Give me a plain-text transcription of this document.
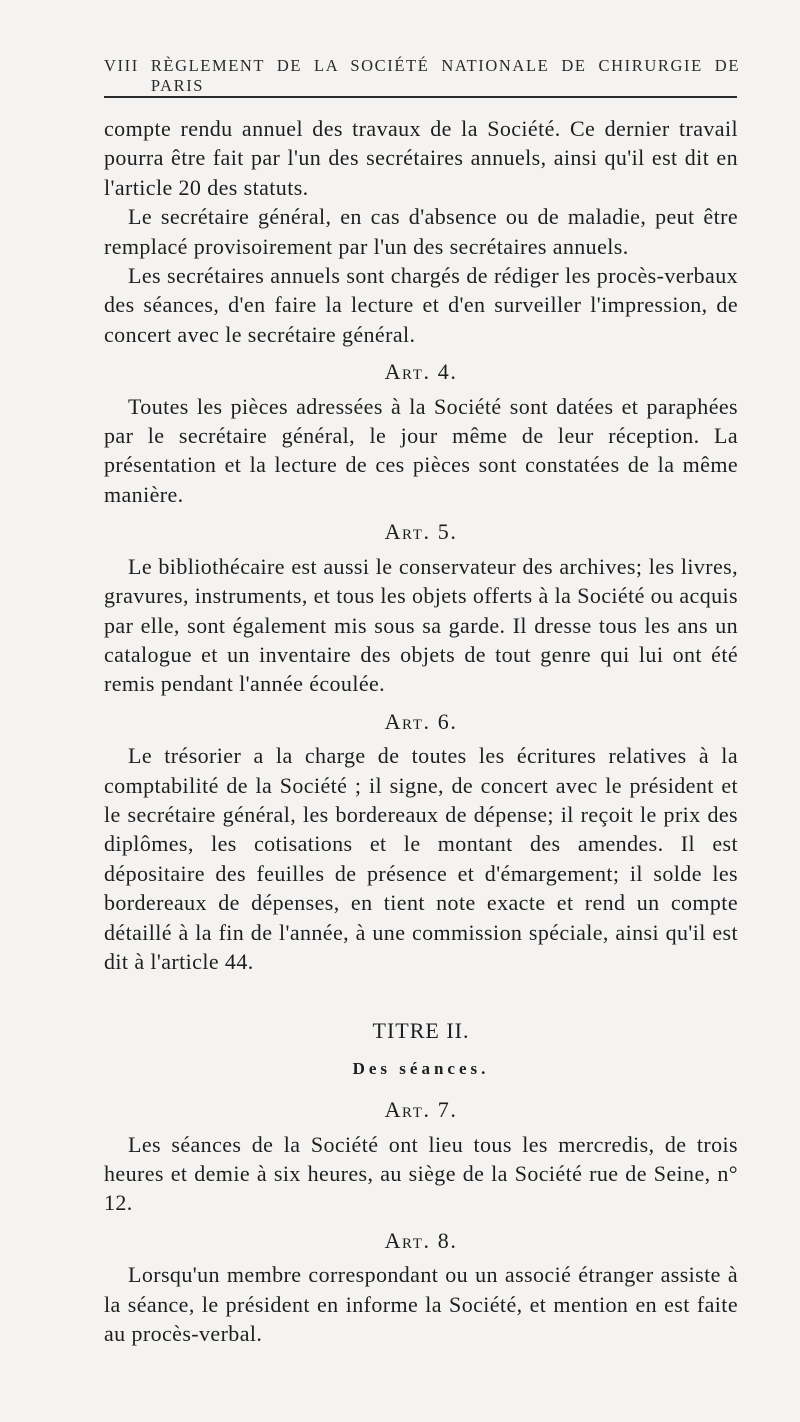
VIII RÈGLEMENT DE LA SOCIÉTÉ NATIONALE DE CHIRURGIE DE PARIS

compte rendu annuel des travaux de la Société. Ce dernier travail pourra être fait par l'un des secrétaires annuels, ainsi qu'il est dit en l'article 20 des statuts.

Le secrétaire général, en cas d'absence ou de maladie, peut être remplacé provisoirement par l'un des secrétaires annuels.

Les secrétaires annuels sont chargés de rédiger les procès-verbaux des séances, d'en faire la lecture et d'en surveiller l'impression, de concert avec le secrétaire général.

Art. 4.

Toutes les pièces adressées à la Société sont datées et paraphées par le secrétaire général, le jour même de leur réception. La présentation et la lecture de ces pièces sont constatées de la même manière.

Art. 5.

Le bibliothécaire est aussi le conservateur des archives; les livres, gravures, instruments, et tous les objets offerts à la Société ou acquis par elle, sont également mis sous sa garde. Il dresse tous les ans un catalogue et un inventaire des objets de tout genre qui lui ont été remis pendant l'année écoulée.

Art. 6.

Le trésorier a la charge de toutes les écritures relatives à la comptabilité de la Société ; il signe, de concert avec le président et le secrétaire général, les bordereaux de dépense; il reçoit le prix des diplômes, les cotisations et le montant des amendes. Il est dépositaire des feuilles de présence et d'émargement; il solde les bordereaux de dépenses, en tient note exacte et rend un compte détaillé à la fin de l'année, à une commission spéciale, ainsi qu'il est dit à l'article 44.

TITRE II.
Des séances.
Art. 7.

Les séances de la Société ont lieu tous les mercredis, de trois heures et demie à six heures, au siège de la Société rue de Seine, n° 12.

Art. 8.

Lorsqu'un membre correspondant ou un associé étranger assiste à la séance, le président en informe la Société, et mention en est faite au procès-verbal.
